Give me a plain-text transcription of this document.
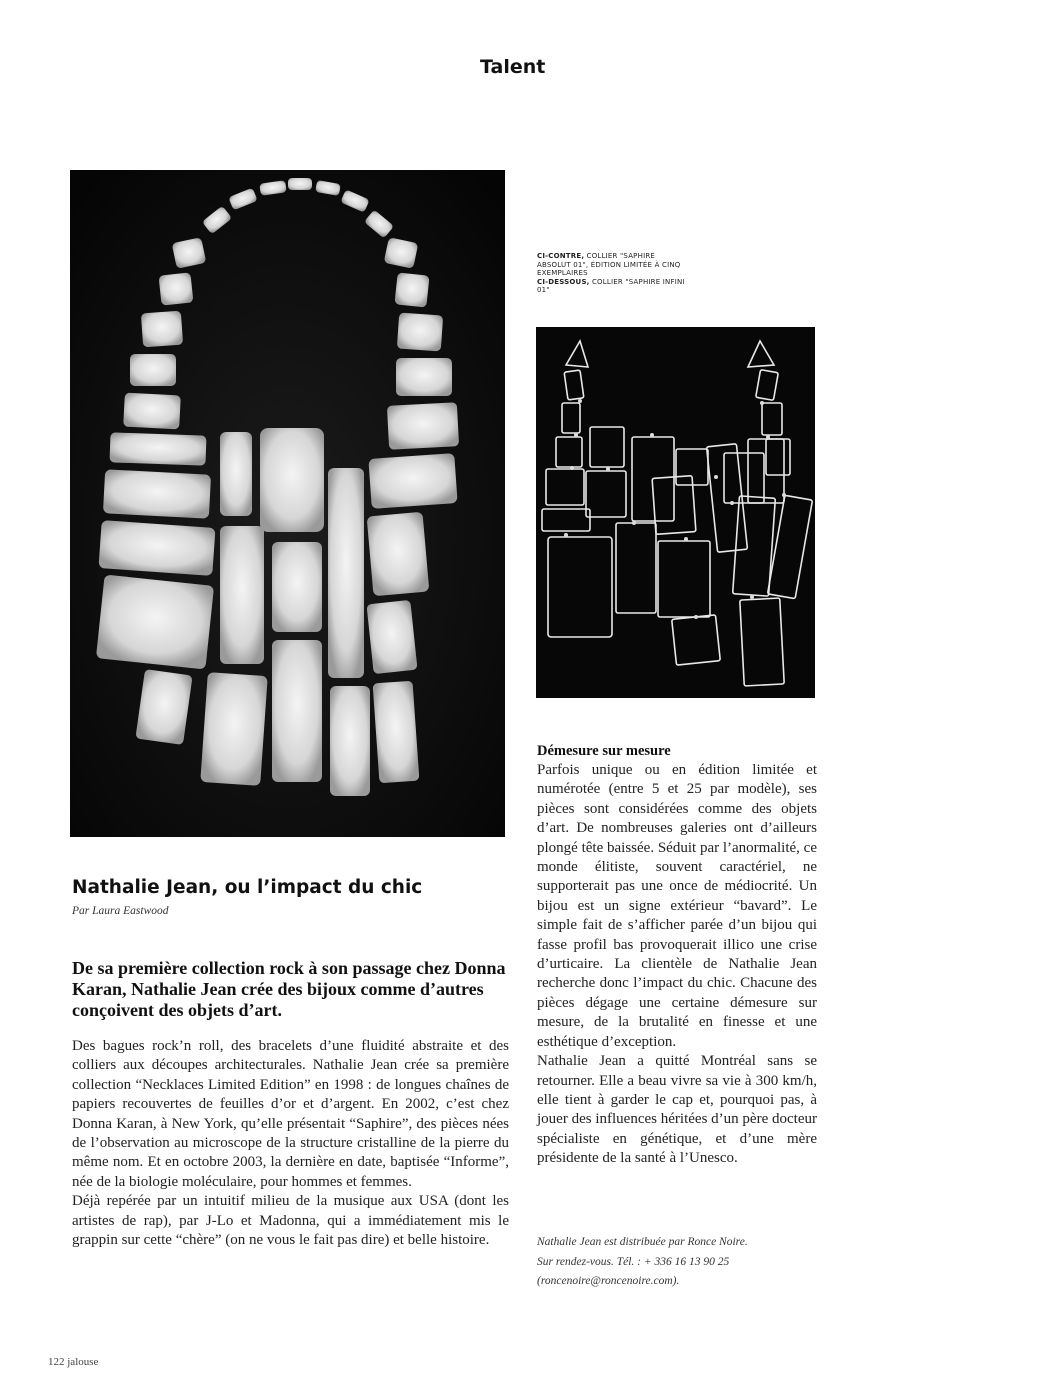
Talent
CI-CONTRE, COLLIER "SAPHIRE ABSOLUT 01", ÉDITION LIMITÉE À CINQ EXEMPLAIRES
CI-DESSOUS, COLLIER "SAPHIRE INFINI 01"
Nathalie Jean, ou l’impact du chic
Par Laura Eastwood
De sa première collection rock à son passage chez Donna Karan, Nathalie Jean crée des bijoux comme d’autres conçoivent des objets d’art.

Des bagues rock’n roll, des bracelets d’une fluidité abstraite et des colliers aux découpes architecturales. Nathalie Jean crée sa première collection “Necklaces Limited Edition” en 1998 : de longues chaînes de papiers recouvertes de feuilles d’or et d’argent. En 2002, c’est chez Donna Karan, à New York, qu’elle présentait “Saphire”, des pièces nées de l’observation au microscope de la structure cristalline de la pierre du même nom. Et en octobre 2003, la dernière en date, baptisée “Informe”, née de la biologie moléculaire, pour hommes et femmes.

Déjà repérée par un intuitif milieu de la musique aux USA (dont les artistes de rap), par J-Lo et Madonna, qui a immédiatement mis le grappin sur cette “chère” (on ne vous le fait pas dire) et belle histoire.

Démesure sur mesure

Parfois unique ou en édition limitée et numérotée (entre 5 et 25 par modèle), ses pièces sont considérées comme des objets d’art. De nombreuses galeries ont d’ailleurs plongé tête baissée. Séduit par l’anormalité, ce monde élitiste, souvent caractériel, ne supporterait pas une once de médiocrité. Un bijou est un signe extérieur “bavard”. Le simple fait de s’afficher parée d’un bijou qui fasse profil bas provoquerait illico une crise d’urticaire. La clientèle de Nathalie Jean recherche donc l’impact du chic. Chacune des pièces dégage une certaine démesure sur mesure, de la brutalité en finesse et une esthétique d’exception.

Nathalie Jean a quitté Montréal sans se retourner. Elle a beau vivre sa vie à 300 km/h, elle tient à garder le cap et, pourquoi pas, à jouer des influences héritées d’un père docteur spécialiste en génétique, et d’une mère présidente de la santé à l’Unesco.

Nathalie Jean est distribuée par Ronce Noire.
Sur rendez-vous. Tél. : + 336 16 13 90 25
(roncenoire@roncenoire.com).
122 jalouse
